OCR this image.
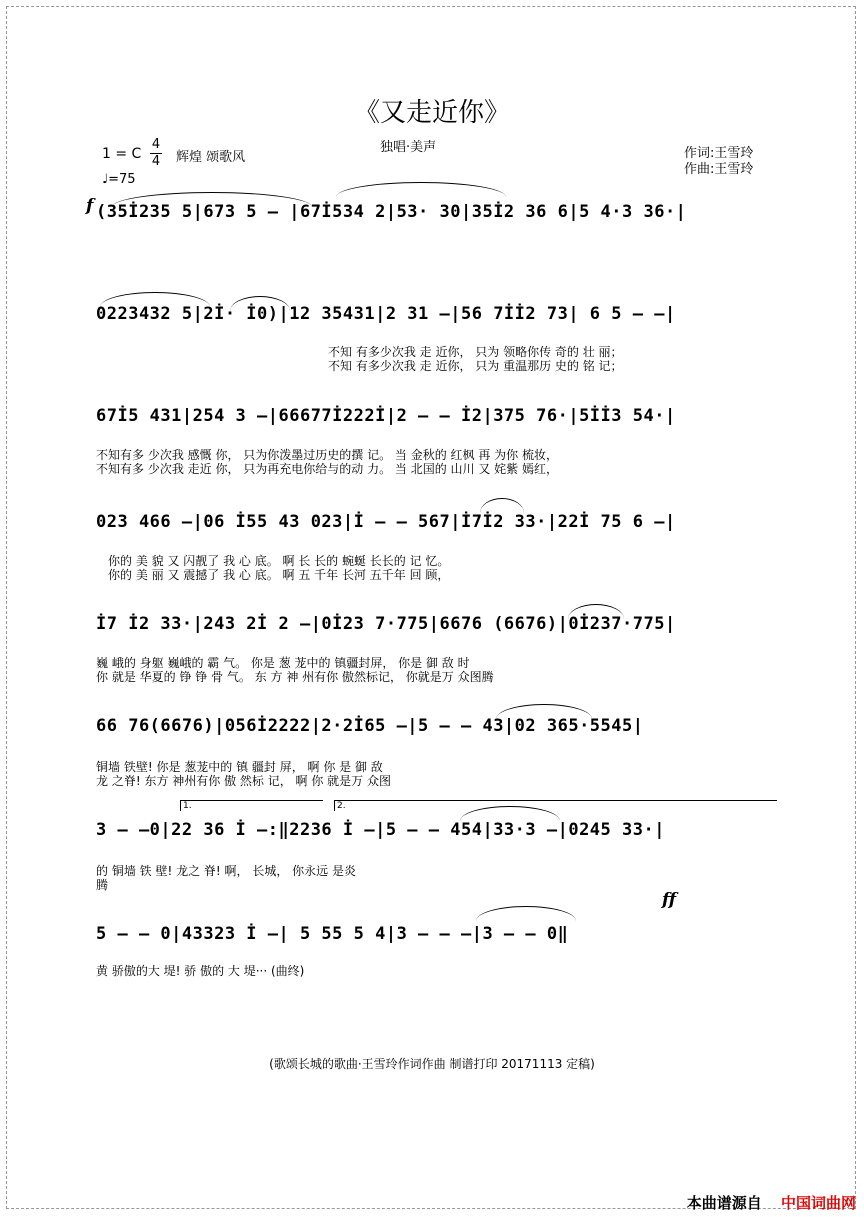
《又走近你》
独唱·美声
1 = C
4
4 辉煌 颂歌风
♩=75
作词:王雪玲
作曲:王雪玲
f
ff
(35İ235 5|673 5 – |67İ534 2|53· 30|35İ2 36 6|5 4·3 36·|
0223432 5|2İ· İ0)|12 35431|2 31 –|56 7İİ2 73| 6 5 – –|
不知 有多少次我 走 近你， 只为 领略你传 奇的 壮 丽；
不知 有多少次我 走 近你， 只为 重温那历 史的 铭 记；
67İ5 431|254 3 –|66677İ222İ|2 – – İ2|375 76·|5İİ3 54·|
不知有多 少次我 感慨 你， 只为你泼墨过历史的撰 记。 当 金秋的 红枫 再 为你 梳妆，
不知有多 少次我 走近 你， 只为再充电你给与的动 力。 当 北国的 山川 又 姹紫 嫣红，
023 466 –|06 İ55 43 023|İ – – 567|İ7İ2 33·|22İ 75 6 –|
你的 美 貌 又 闪靓了 我 心 底。 啊 长 长的 蜿蜒 长长的 记 忆。
你的 美 丽 又 震撼了 我 心 底。 啊 五 千年 长河 五千年 回 顾，
İ7 İ2 33·|243 2İ 2 –|0İ23 7·775|6676 (6676)|0İ237·775|
巍 峨的 身躯 巍峨的 霸 气。 你是 葱 茏中的 镇疆封屏， 你是 御 敌 时
你 就是 华夏的 铮 铮 骨 气。 东 方 神 州有你 傲然标记， 你就是万 众图腾
66 76(6676)|056İ2222|2·2İ65 –|5 – – 43|02 365·5545|
铜墙 铁壁! 你是 葱茏中的 镇 疆封 屏， 啊 你 是 御 敌
龙 之脊! 东方 神州有你 傲 然标 记， 啊 你 就是万 众图
1.	2.
3 – –0|22 36 İ –:‖2236 İ –|5 – – 454|33·3 –|0245 33·|
的 铜墙 铁 壁! 龙之 脊! 啊， 长城， 你永远 是炎
腾
5 – – 0|43323 İ –| 5 55 5 4|3 – – –|3 – – 0‖
黄 骄傲的大 堤! 骄 傲的 大 堤··· (曲终)
(歌颂长城的歌曲·王雪玲作词作曲 制谱打印 20171113 定稿)
本曲谱源自 中国词曲网
